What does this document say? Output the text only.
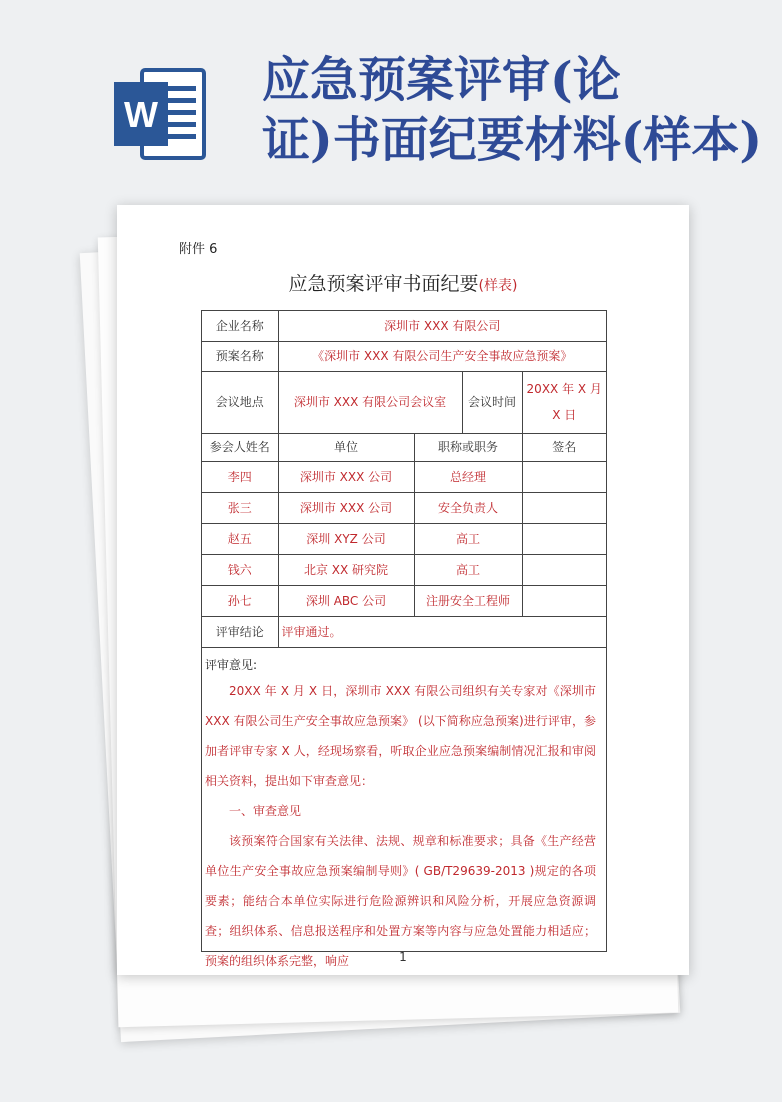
W
应急预案评审(论
证)书面纪要材料(样本)
附件 6
应急预案评审书面纪要(样表)
企业名称	深圳市 XXX 有限公司			
预案名称	《深圳市 XXX 有限公司生产安全事故应急预案》			
会议地点	深圳市 XXX 有限公司会议室		会议时间	20XX 年 X 月 X 日
参会人姓名	单位	职称或职务		签名
李四	深圳市 XXX 公司	总经理		
张三	深圳市 XXX 公司	安全负责人		
赵五	深圳 XYZ 公司	高工		
钱六	北京 XX 研究院	高工		
孙七	深圳 ABC 公司	注册安全工程师		
评审结论	评审通过。			
评审意见:

20XX 年 X 月 X 日，深圳市 XXX 有限公司组织有关专家对《深圳市 XXX 有限公司生产安全事故应急预案》 (以下简称应急预案)进行评审，参加者评审专家 X 人，经现场察看，听取企业应急预案编制情况汇报和审阅相关资料，提出如下审查意见：

一、审查意见

该预案符合国家有关法律、法规、规章和标准要求；具备《生产经营单位生产安全事故应急预案编制导则》( GB/T29639-2013 )规定的各项要素；能结合本单位实际进行危险源辨识和风险分析，开展应急资源调查；组织体系、信息报送程序和处置方案等内容与应急处置能力相适应；预案的组织体系完整，响应	1
